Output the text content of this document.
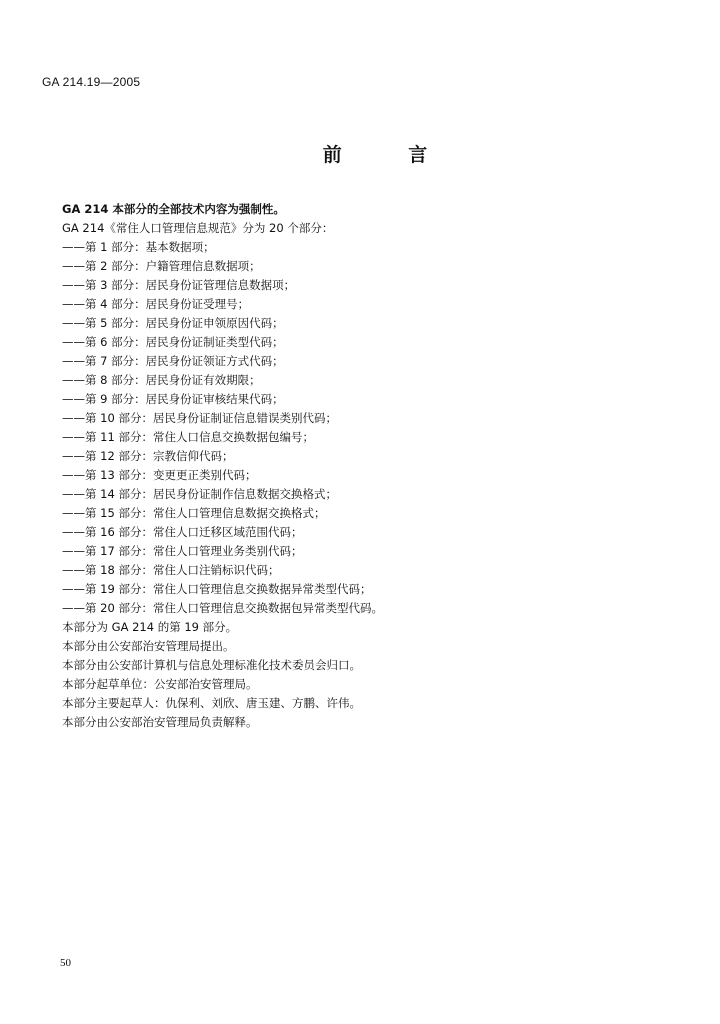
GA 214.19—2005
前 言
GA 214 本部分的全部技术内容为强制性。
GA 214《常住人口管理信息规范》分为 20 个部分：
——第 1 部分：基本数据项；
——第 2 部分：户籍管理信息数据项；
——第 3 部分：居民身份证管理信息数据项；
——第 4 部分：居民身份证受理号；
——第 5 部分：居民身份证申领原因代码；
——第 6 部分：居民身份证制证类型代码；
——第 7 部分：居民身份证领证方式代码；
——第 8 部分：居民身份证有效期限；
——第 9 部分：居民身份证审核结果代码；
——第 10 部分：居民身份证制证信息错误类别代码；
——第 11 部分：常住人口信息交换数据包编号；
——第 12 部分：宗教信仰代码；
——第 13 部分：变更更正类别代码；
——第 14 部分：居民身份证制作信息数据交换格式；
——第 15 部分：常住人口管理信息数据交换格式；
——第 16 部分：常住人口迁移区域范围代码；
——第 17 部分：常住人口管理业务类别代码；
——第 18 部分：常住人口注销标识代码；
——第 19 部分：常住人口管理信息交换数据异常类型代码；
——第 20 部分：常住人口管理信息交换数据包异常类型代码。
本部分为 GA 214 的第 19 部分。
本部分由公安部治安管理局提出。
本部分由公安部计算机与信息处理标准化技术委员会归口。
本部分起草单位：公安部治安管理局。
本部分主要起草人：仇保利、刘欣、唐玉建、方鹏、许伟。
本部分由公安部治安管理局负责解释。
50
